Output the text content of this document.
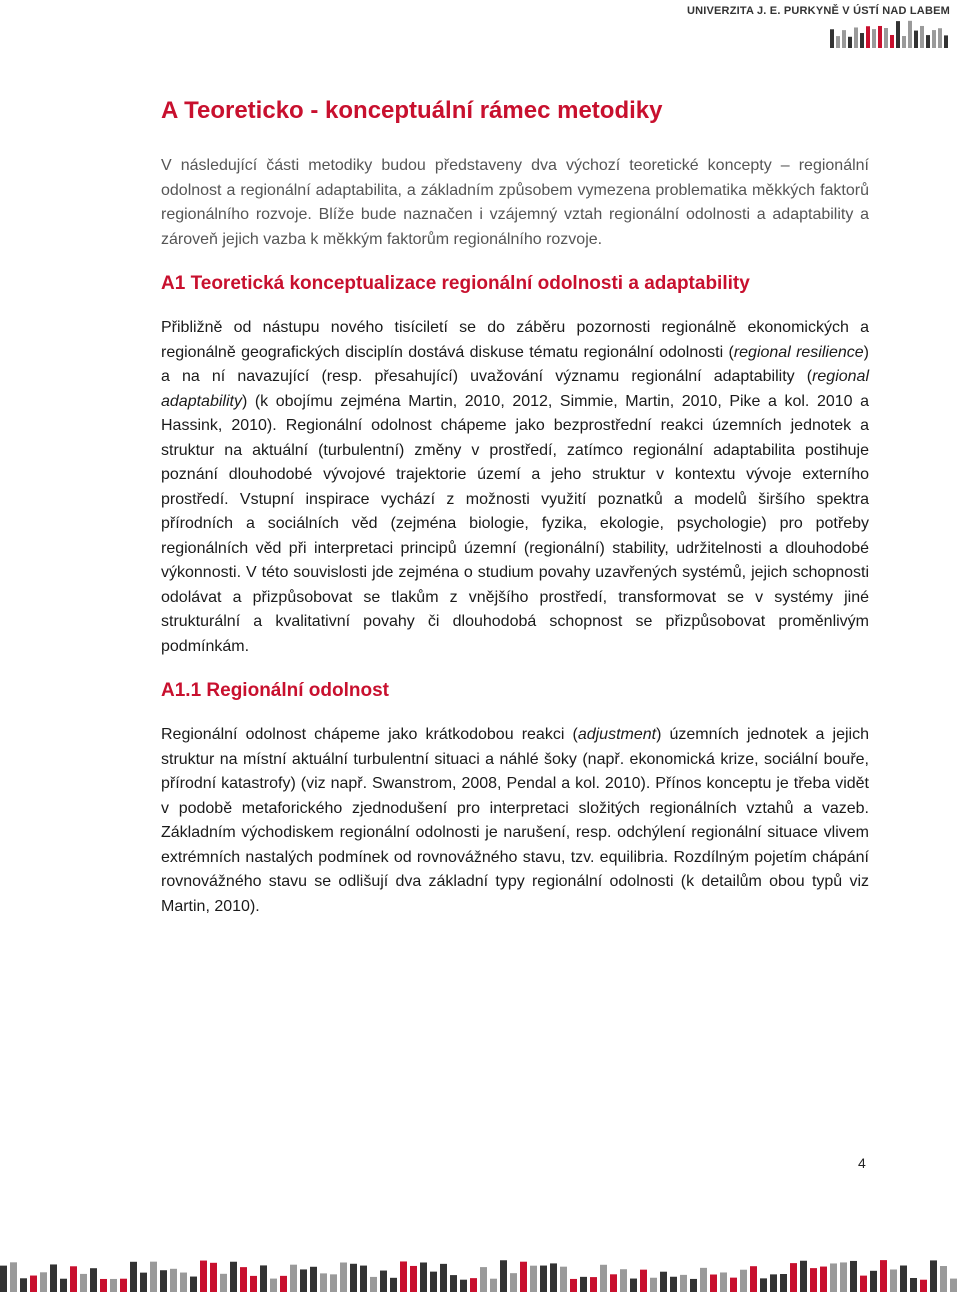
UNIVERZITA J. E. PURKYNĚ V ÚSTÍ NAD LABEM
A Teoreticko - konceptuální rámec metodiky

V následující části metodiky budou představeny dva výchozí teoretické koncepty – regionální odolnost a regionální adaptabilita, a základním způsobem vymezena problematika měkkých faktorů regionálního rozvoje. Blíže bude naznačen i vzájemný vztah regionální odolnosti a adaptability a zároveň jejich vazba k měkkým faktorům regionálního rozvoje.

A1 Teoretická konceptualizace regionální odolnosti a adaptability

Přibližně od nástupu nového tisíciletí se do záběru pozornosti regionálně ekonomických a regionálně geografických disciplín dostává diskuse tématu regionální odolnosti (regional resilience) a na ní navazující (resp. přesahující) uvažování významu regionální adaptability (regional adaptability) (k obojímu zejména Martin, 2010, 2012, Simmie, Martin, 2010, Pike a kol. 2010 a Hassink, 2010). Regionální odolnost chápeme jako bezprostřední reakci územních jednotek a struktur na aktuální (turbulentní) změny v prostředí, zatímco regionální adaptabilita postihuje poznání dlouhodobé vývojové trajektorie území a jeho struktur v kontextu vývoje externího prostředí. Vstupní inspirace vychází z možnosti využití poznatků a modelů širšího spektra přírodních a sociálních věd (zejména biologie, fyzika, ekologie, psychologie) pro potřeby regionálních věd při interpretaci principů územní (regionální) stability, udržitelnosti a dlouhodobé výkonnosti. V této souvislosti jde zejména o studium povahy uzavřených systémů, jejich schopnosti odolávat a přizpůsobovat se tlakům z vnějšího prostředí, transformovat se v systémy jiné strukturální a kvalitativní povahy či dlouhodobá schopnost se přizpůsobovat proměnlivým podmínkám.

A1.1 Regionální odolnost

Regionální odolnost chápeme jako krátkodobou reakci (adjustment) územních jednotek a jejich struktur na místní aktuální turbulentní situaci a náhlé šoky (např. ekonomická krize, sociální bouře, přírodní katastrofy) (viz např. Swanstrom, 2008, Pendal a kol. 2010). Přínos konceptu je třeba vidět v podobě metaforického zjednodušení pro interpretaci složitých regionálních vztahů a vazeb. Základním východiskem regionální odolnosti je narušení, resp. odchýlení regionální situace vlivem extrémních nastalých podmínek od rovnovážného stavu, tzv. equilibria. Rozdílným pojetím chápání rovnovážného stavu se odlišují dva základní typy regionální odolnosti (k detailům obou typů viz Martin, 2010).

4
